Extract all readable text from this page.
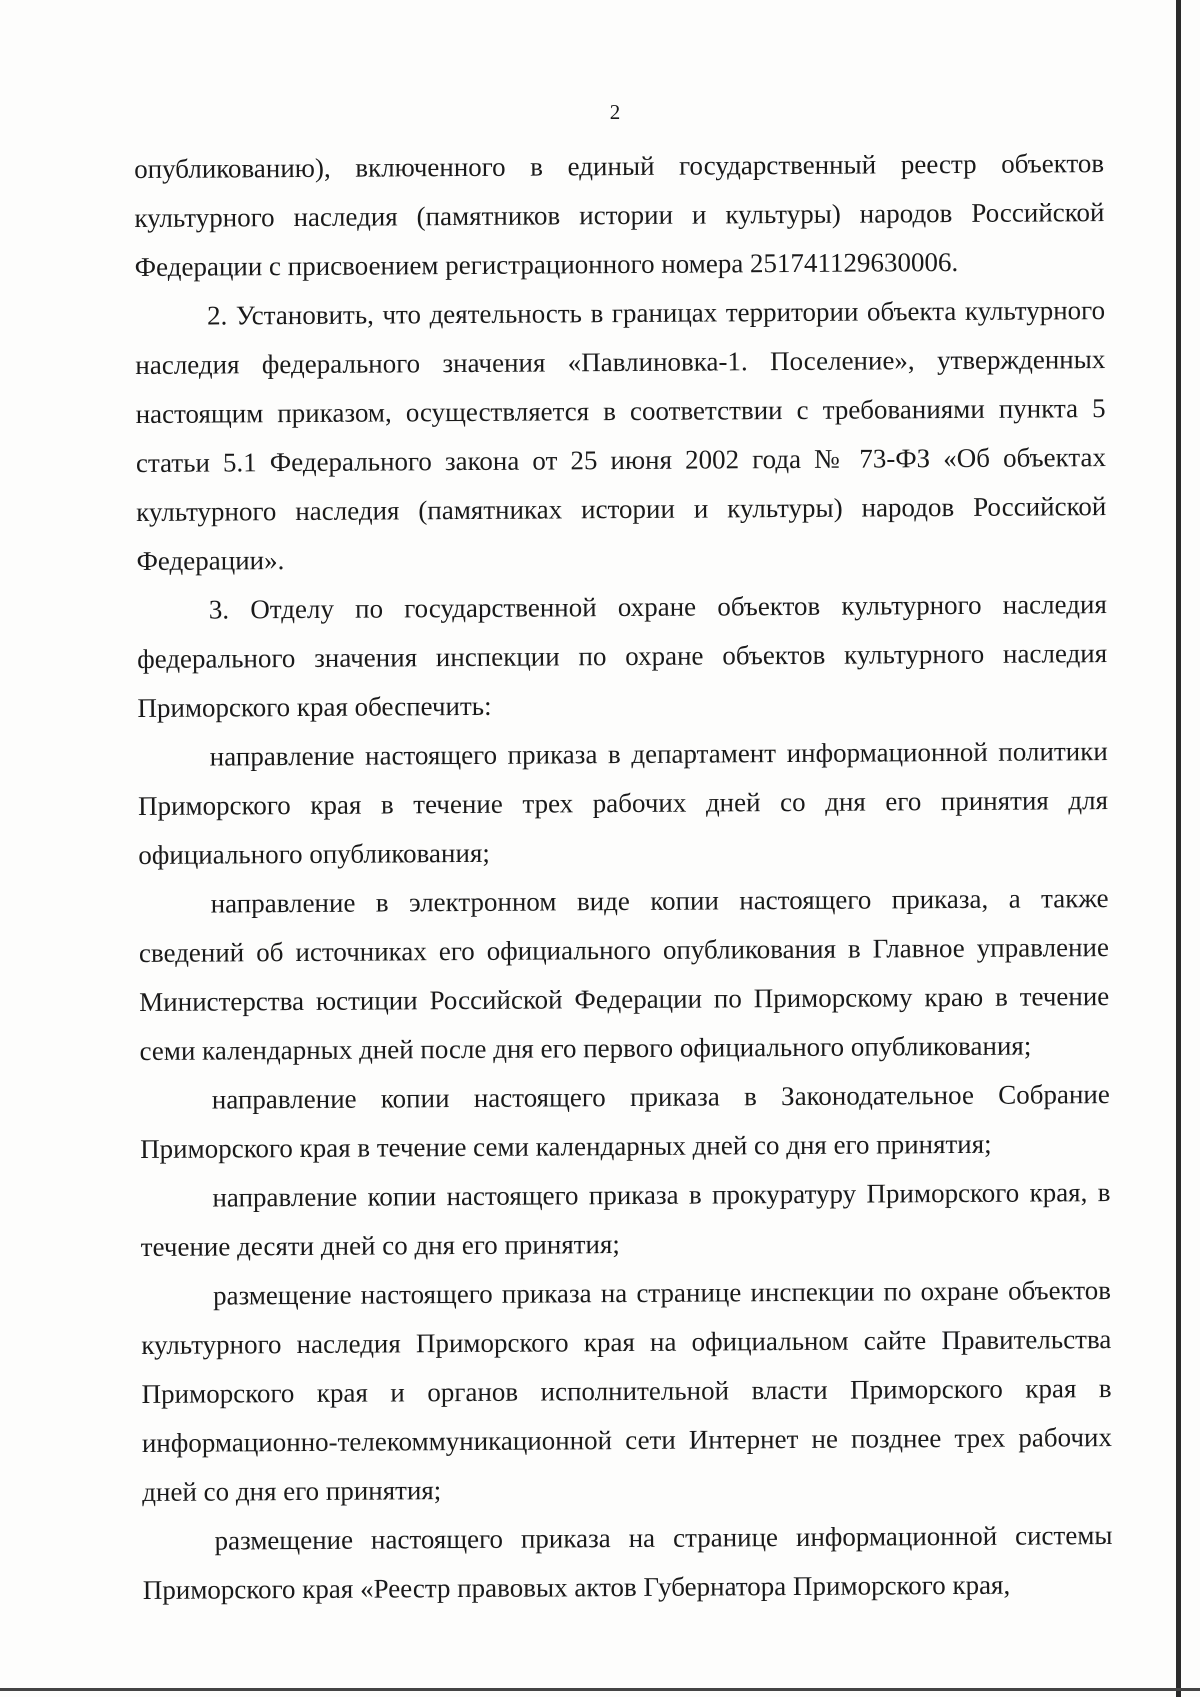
2

опубликованию), включенного в единый государственный реестр объектов культурного наследия (памятников истории и культуры) народов Российской Федерации с присвоением регистрационного номера 251741129630006.

2. Установить, что деятельность в границах территории объекта культурного наследия федерального значения «Павлиновка-1. Поселение», утвержденных настоящим приказом, осуществляется в соответствии с требованиями пункта 5 статьи 5.1 Федерального закона от 25 июня 2002 года № 73-ФЗ «Об объектах культурного наследия (памятниках истории и культуры) народов Российской Федерации».

3. Отделу по государственной охране объектов культурного наследия федерального значения инспекции по охране объектов культурного наследия Приморского края обеспечить:

направление настоящего приказа в департамент информационной политики Приморского края в течение трех рабочих дней со дня его принятия для официального опубликования;

направление в электронном виде копии настоящего приказа, а также сведений об источниках его официального опубликования в Главное управление Министерства юстиции Российской Федерации по Приморскому краю в течение семи календарных дней после дня его первого официального опубликования;

направление копии настоящего приказа в Законодательное Собрание Приморского края в течение семи календарных дней со дня его принятия;

направление копии настоящего приказа в прокуратуру Приморского края, в течение десяти дней со дня его принятия;

размещение настоящего приказа на странице инспекции по охране объектов культурного наследия Приморского края на официальном сайте Правительства Приморского края и органов исполнительной власти Приморского края в информационно-телекоммуникационной сети Интернет не позднее трех рабочих дней со дня его принятия;

размещение настоящего приказа на странице информационной системы Приморского края «Реестр правовых актов Губернатора Приморского края,
